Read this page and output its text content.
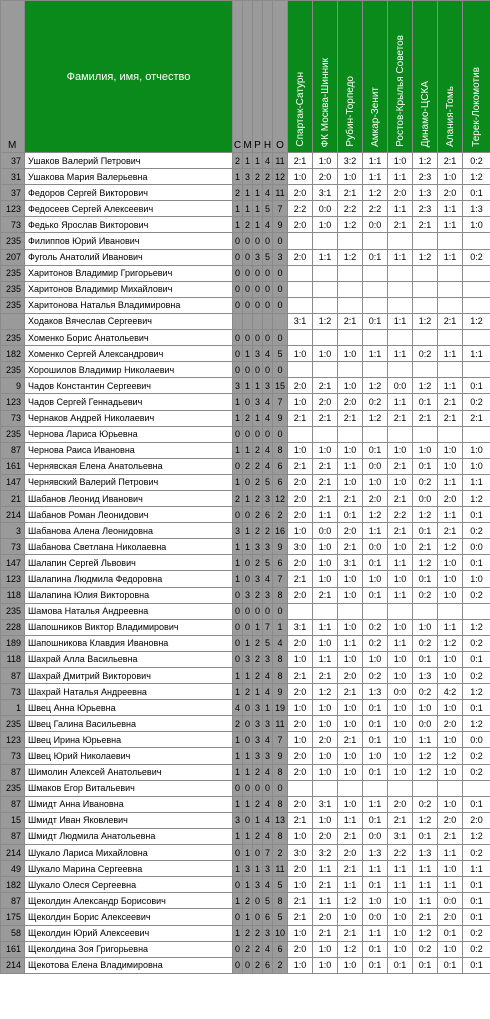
М	Фамилия, имя, отчество	С	М	Р	Н	О	Спартак-Сатурн	ФК Москва-Шинник	Рубин-Торпедо	Амкар-Зенит	Ростов-Крылья Советов	Динамо-ЦСКА	Алания-Томь	Терек-Локомотив
37	Ушаков Валерий Петрович	2	1	1	4	11	2:1	1:0	3:2	1:1	1:0	1:2	2:1	0:2
31	Ушакова Мария Валерьевна	1	3	2	2	12	1:0	2:0	1:0	1:1	1:1	2:3	1:0	1:2
37	Федоров Сергей Викторович	2	1	1	4	11	2:0	3:1	2:1	1:2	2:0	1:3	2:0	0:1
123	Федосеев Сергей Алексеевич	1	1	1	5	7	2:2	0:0	2:2	2:2	1:1	2:3	1:1	1:3
73	Федько Ярослав Викторович	1	2	1	4	9	2:0	1:0	1:2	0:0	2:1	2:1	1:1	1:0
235	Филиппов Юрий Иванович	0	0	0	0	0								
207	Фуголь Анатолий Иванович	0	0	3	5	3	2:0	1:1	1:2	0:1	1:1	1:2	1:1	0:2
235	Харитонов Владимир Григорьевич	0	0	0	0	0								
235	Харитонов Владимир Михайлович	0	0	0	0	0								
235	Харитонова Наталья Владимировна	0	0	0	0	0								
	Ходаков Вячеслав Сергеевич						3:1	1:2	2:1	0:1	1:1	1:2	2:1	1:2
235	Хоменко Борис Анатольевич	0	0	0	0	0								
182	Хоменко Сергей Александрович	0	1	3	4	5	1:0	1:0	1:0	1:1	1:1	0:2	1:1	1:1
235	Хорошилов Владимир Николаевич	0	0	0	0	0								
9	Чадов Константин Сергеевич	3	1	1	3	15	2:0	2:1	1:0	1:2	0:0	1:2	1:1	0:1
123	Чадов Сергей Геннадьевич	1	0	3	4	7	1:0	2:0	2:0	0:2	1:1	0:1	2:1	0:2
73	Чернаков Андрей Николаевич	1	2	1	4	9	2:1	2:1	2:1	1:2	2:1	2:1	2:1	2:1
235	Чернова Лариса Юрьевна	0	0	0	0	0								
87	Чернова Раиса Ивановна	1	1	2	4	8	1:0	1:0	1:0	0:1	1:0	1:0	1:0	1:0
161	Чернявская Елена Анатольевна	0	2	2	4	6	2:1	2:1	1:1	0:0	2:1	0:1	1:0	1:0
147	Чернявский Валерий Петрович	1	0	2	5	6	2:0	2:1	1:0	1:0	1:0	0:2	1:1	1:1
21	Шабанов Леонид Иванович	2	1	2	3	12	2:0	2:1	2:1	2:0	2:1	0:0	2:0	1:2
214	Шабанов Роман Леонидович	0	0	2	6	2	2:0	1:1	0:1	1:2	2:2	1:2	1:1	0:1
3	Шабанова Алена Леонидовна	3	1	2	2	16	1:0	0:0	2:0	1:1	2:1	0:1	2:1	0:2
73	Шабанова Светлана Николаевна	1	1	3	3	9	3:0	1:0	2:1	0:0	1:0	2:1	1:2	0:0
147	Шалапин Сергей Львович	1	0	2	5	6	2:0	1:0	3:1	0:1	1:1	1:2	1:0	0:1
123	Шалапина Людмила Федоровна	1	0	3	4	7	2:1	1:0	1:0	1:0	1:0	0:1	1:0	1:0
118	Шалапина Юлия Викторовна	0	3	2	3	8	2:0	2:1	1:0	0:1	1:1	0:2	1:0	0:2
235	Шамова Наталья Андреевна	0	0	0	0	0								
228	Шапошников Виктор Владимирович	0	0	1	7	1	3:1	1:1	1:0	0:2	1:0	1:0	1:1	1:2
189	Шапошникова Клавдия Ивановна	0	1	2	5	4	2:0	1:0	1:1	0:2	1:1	0:2	1:2	0:2
118	Шахрай Алла Васильевна	0	3	2	3	8	1:0	1:1	1:0	1:0	1:0	0:1	1:0	0:1
87	Шахрай Дмитрий Викторович	1	1	2	4	8	2:1	2:1	2:0	0:2	1:0	1:3	1:0	0:2
73	Шахрай Наталья Андреевна	1	2	1	4	9	2:0	1:2	2:1	1:3	0:0	0:2	4:2	1:2
1	Швец Анна Юрьевна	4	0	3	1	19	1:0	1:0	1:0	0:1	1:0	1:0	1:0	0:1
235	Швец Галина Васильевна	2	0	3	3	11	2:0	1:0	1:0	0:1	1:0	0:0	2:0	1:2
123	Швец Ирина Юрьевна	1	0	3	4	7	1:0	2:0	2:1	0:1	1:0	1:1	1:0	0:0
73	Швец Юрий Николаевич	1	1	3	3	9	2:0	1:0	1:0	1:0	1:0	1:2	1:2	0:2
87	Шимолин Алексей Анатольевич	1	1	2	4	8	2:0	1:0	1:0	0:1	1:0	1:2	1:0	0:2
235	Шмаков Егор Витальевич	0	0	0	0	0								
87	Шмидт Анна Ивановна	1	1	2	4	8	2:0	3:1	1:0	1:1	2:0	0:2	1:0	0:1
15	Шмидт Иван Яковлевич	3	0	1	4	13	2:1	1:0	1:1	0:1	2:1	1:2	2:0	2:0
87	Шмидт Людмила Анатольевна	1	1	2	4	8	1:0	2:0	2:1	0:0	3:1	0:1	2:1	1:2
214	Шукало Лариса Михайловна	0	1	0	7	2	3:0	3:2	2:0	1:3	2:2	1:3	1:1	0:2
49	Шукало Марина Сергеевна	1	3	1	3	11	2:0	1:1	2:1	1:1	1:1	1:1	1:0	1:1
182	Шукало Олеся Сергеевна	0	1	3	4	5	1:0	2:1	1:1	0:1	1:1	1:1	1:1	0:1
87	Щеколдин Александр Борисович	1	2	0	5	8	2:1	1:1	1:2	1:0	1:0	1:1	0:0	0:1
175	Щеколдин Борис Алексеевич	0	1	0	6	5	2:1	2:0	1:0	0:0	1:0	2:1	2:0	0:1
58	Щеколдин Юрий Алексеевич	1	2	2	3	10	1:0	2:1	2:1	1:1	1:0	1:2	0:1	0:2
161	Щеколдина Зоя Григорьевна	0	2	2	4	6	2:0	1:0	1:2	0:1	1:0	0:2	1:0	0:2
214	Щекотова Елена Владимировна	0	0	2	6	2	1:0	1:0	1:0	0:1	0:1	0:1	0:1	0:1
